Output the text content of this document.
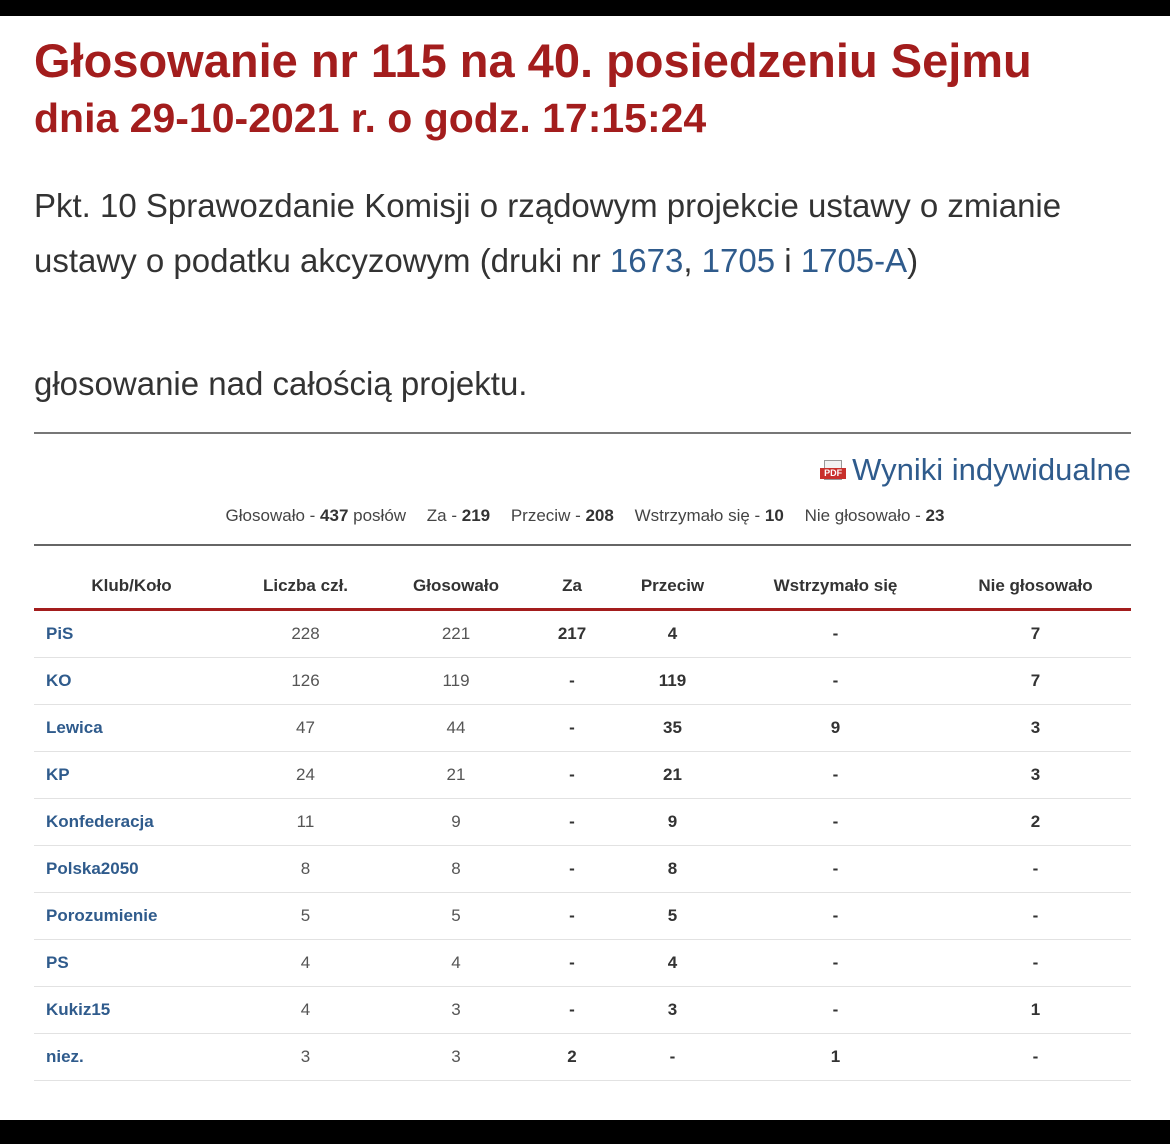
Głosowanie nr 115 na 40. posiedzeniu Sejmu
dnia 29-10-2021 r. o godz. 17:15:24

Pkt. 10 Sprawozdanie Komisji o rządowym projekcie ustawy o zmianie ustawy o podatku akcyzowym (druki nr 1673, 1705 i 1705-A)

głosowanie nad całością projektu.

PDF Wyniki indywidualne
Głosowało - 437 posłów Za - 219 Przeciw - 208 Wstrzymało się - 10 Nie głosowało - 23
Klub/Koło	Liczba czł.	Głosowało	Za	Przeciw	Wstrzymało się	Nie głosowało
PiS	228	221	217	4	-	7
KO	126	119	-	119	-	7
Lewica	47	44	-	35	9	3
KP	24	21	-	21	-	3
Konfederacja	11	9	-	9	-	2
Polska2050	8	8	-	8	-	-
Porozumienie	5	5	-	5	-	-
PS	4	4	-	4	-	-
Kukiz15	4	3	-	3	-	1
niez.	3	3	2	-	1	-
